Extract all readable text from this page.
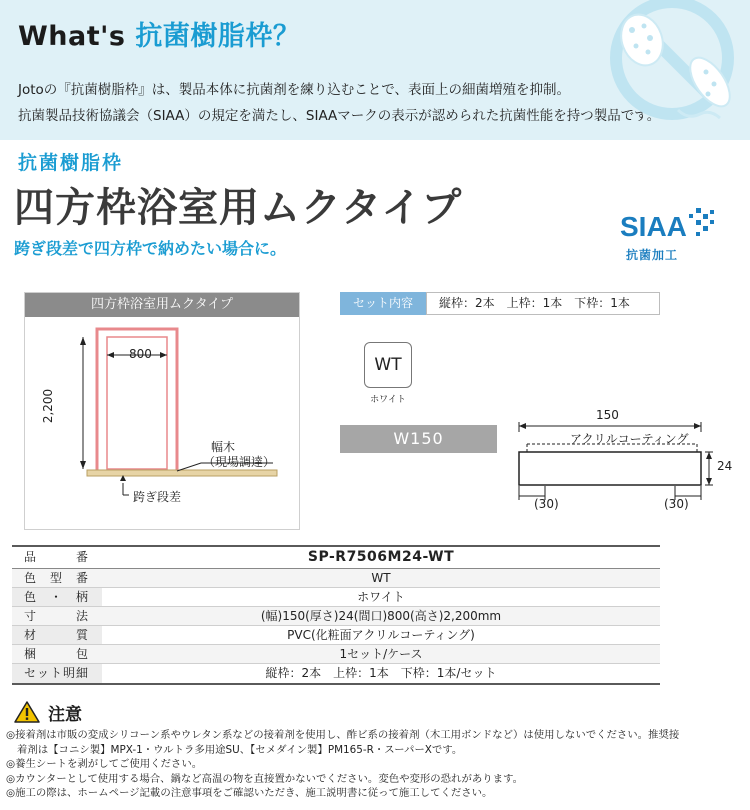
What's 抗菌樹脂枠？
Jotoの『抗菌樹脂枠』は、製品本体に抗菌剤を練り込むことで、表面上の細菌増殖を抑制。
抗菌製品技術協議会（SIAA）の規定を満たし、SIAAマークの表示が認められた抗菌性能を持つ製品です。
抗菌樹脂枠
四方枠浴室用ムクタイプ
跨ぎ段差で四方枠で納めたい場合に。
SIAA
抗菌加工
四方枠浴室用ムクタイプ
800
2,200
幅木
（現場調達）
跨ぎ段差
セット内容	縦枠：2本　上枠：1本　下枠：1本
WT
ホワイト
W150
150
アクリルコーティング
24
(30)	(30)
品番	SP-R7506M24-WT
色型番	WT
色・柄	ホワイト
寸法	(幅)150(厚さ)24(間口)800(高さ)2,200mm
材質	PVC(化粧面アクリルコーティング)
梱包	1セット/ケース
セット明細	縦枠：2本　上枠：1本　下枠：1本/セット
注意
◎接着剤は市販の変成シリコーン系やウレタン系などの接着剤を使用し、酢ビ系の接着剤（木工用ボンドなど）は使用しないでください。推奨接
着剤は【コニシ製】MPX-1・ウルトラ多用途SU、【セメダイン製】PM165-R・スーパーXです。
◎養生シートを剥がしてご使用ください。
◎カウンターとして使用する場合、鍋など高温の物を直接置かないでください。変色や変形の恐れがあります。
◎施工の際は、ホームページ記載の注意事項をご確認いただき、施工説明書に従って施工してください。
